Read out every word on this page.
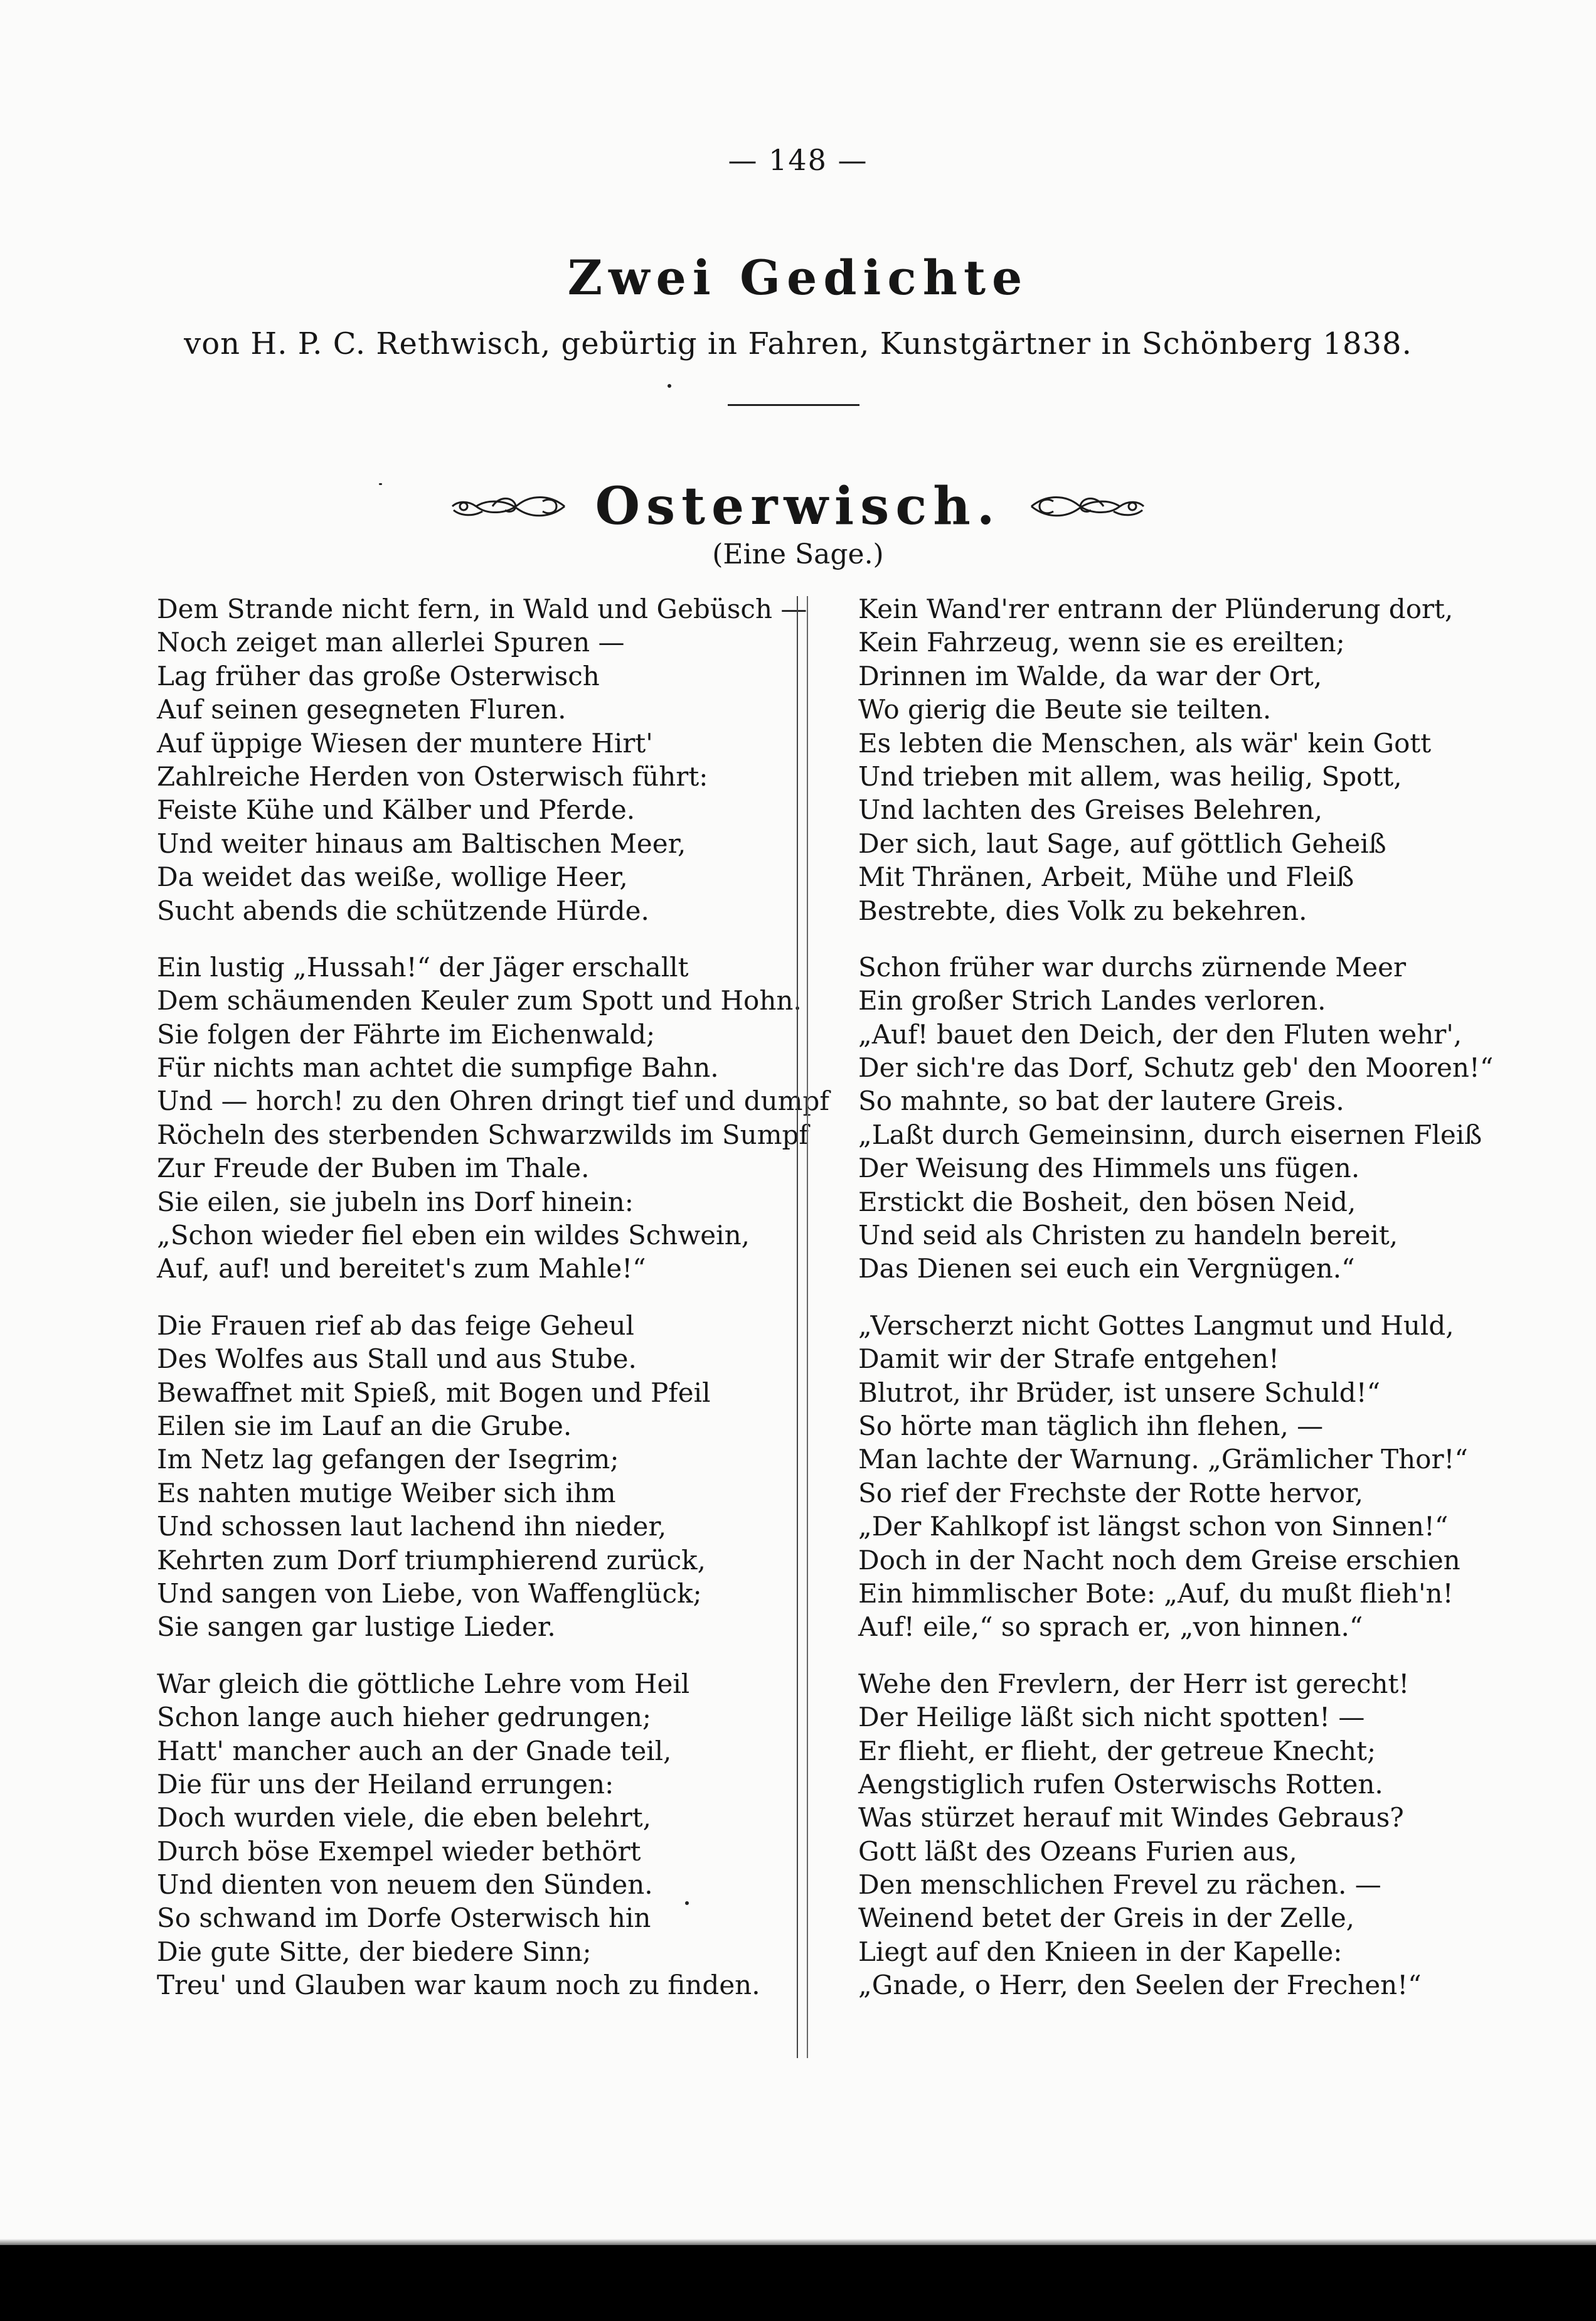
— 148 —
Zwei Gedichte
von H. P. C. Rethwisch, gebürtig in Fahren, Kunstgärtner in Schönberg 1838.
Osterwisch.
(Eine Sage.)
Dem Strande nicht fern, in Wald und Gebüsch —
Noch zeiget man allerlei Spuren —
Lag früher das große Osterwisch
Auf seinen gesegneten Fluren.
Auf üppige Wiesen der muntere Hirt'
Zahlreiche Herden von Osterwisch führt:
Feiste Kühe und Kälber und Pferde.
Und weiter hinaus am Baltischen Meer,
Da weidet das weiße, wollige Heer,
Sucht abends die schützende Hürde.
Ein lustig „Hussah!“ der Jäger erschallt
Dem schäumenden Keuler zum Spott und Hohn.
Sie folgen der Fährte im Eichenwald;
Für nichts man achtet die sumpfige Bahn.
Und — horch! zu den Ohren dringt tief und dumpf
Röcheln des sterbenden Schwarzwilds im Sumpf
Zur Freude der Buben im Thale.
Sie eilen, sie jubeln ins Dorf hinein:
„Schon wieder fiel eben ein wildes Schwein,
Auf, auf! und bereitet's zum Mahle!“
Die Frauen rief ab das feige Geheul
Des Wolfes aus Stall und aus Stube.
Bewaffnet mit Spieß, mit Bogen und Pfeil
Eilen sie im Lauf an die Grube.
Im Netz lag gefangen der Isegrim;
Es nahten mutige Weiber sich ihm
Und schossen laut lachend ihn nieder,
Kehrten zum Dorf triumphierend zurück,
Und sangen von Liebe, von Waffenglück;
Sie sangen gar lustige Lieder.
War gleich die göttliche Lehre vom Heil
Schon lange auch hieher gedrungen;
Hatt' mancher auch an der Gnade teil,
Die für uns der Heiland errungen:
Doch wurden viele, die eben belehrt,
Durch böse Exempel wieder bethört
Und dienten von neuem den Sünden.
So schwand im Dorfe Osterwisch hin
Die gute Sitte, der biedere Sinn;
Treu' und Glauben war kaum noch zu finden.
Kein Wand'rer entrann der Plünderung dort,
Kein Fahrzeug, wenn sie es ereilten;
Drinnen im Walde, da war der Ort,
Wo gierig die Beute sie teilten.
Es lebten die Menschen, als wär' kein Gott
Und trieben mit allem, was heilig, Spott,
Und lachten des Greises Belehren,
Der sich, laut Sage, auf göttlich Geheiß
Mit Thränen, Arbeit, Mühe und Fleiß
Bestrebte, dies Volk zu bekehren.
Schon früher war durchs zürnende Meer
Ein großer Strich Landes verloren.
„Auf! bauet den Deich, der den Fluten wehr',
Der sich're das Dorf, Schutz geb' den Mooren!“
So mahnte, so bat der lautere Greis.
„Laßt durch Gemeinsinn, durch eisernen Fleiß
Der Weisung des Himmels uns fügen.
Erstickt die Bosheit, den bösen Neid,
Und seid als Christen zu handeln bereit,
Das Dienen sei euch ein Vergnügen.“
„Verscherzt nicht Gottes Langmut und Huld,
Damit wir der Strafe entgehen!
Blutrot, ihr Brüder, ist unsere Schuld!“
So hörte man täglich ihn flehen, —
Man lachte der Warnung. „Grämlicher Thor!“
So rief der Frechste der Rotte hervor,
„Der Kahlkopf ist längst schon von Sinnen!“
Doch in der Nacht noch dem Greise erschien
Ein himmlischer Bote: „Auf, du mußt flieh'n!
Auf! eile,“ so sprach er, „von hinnen.“
Wehe den Frevlern, der Herr ist gerecht!
Der Heilige läßt sich nicht spotten! —
Er flieht, er flieht, der getreue Knecht;
Aengstiglich rufen Osterwischs Rotten.
Was stürzet herauf mit Windes Gebraus?
Gott läßt des Ozeans Furien aus,
Den menschlichen Frevel zu rächen. —
Weinend betet der Greis in der Zelle,
Liegt auf den Knieen in der Kapelle:
„Gnade, o Herr, den Seelen der Frechen!“
